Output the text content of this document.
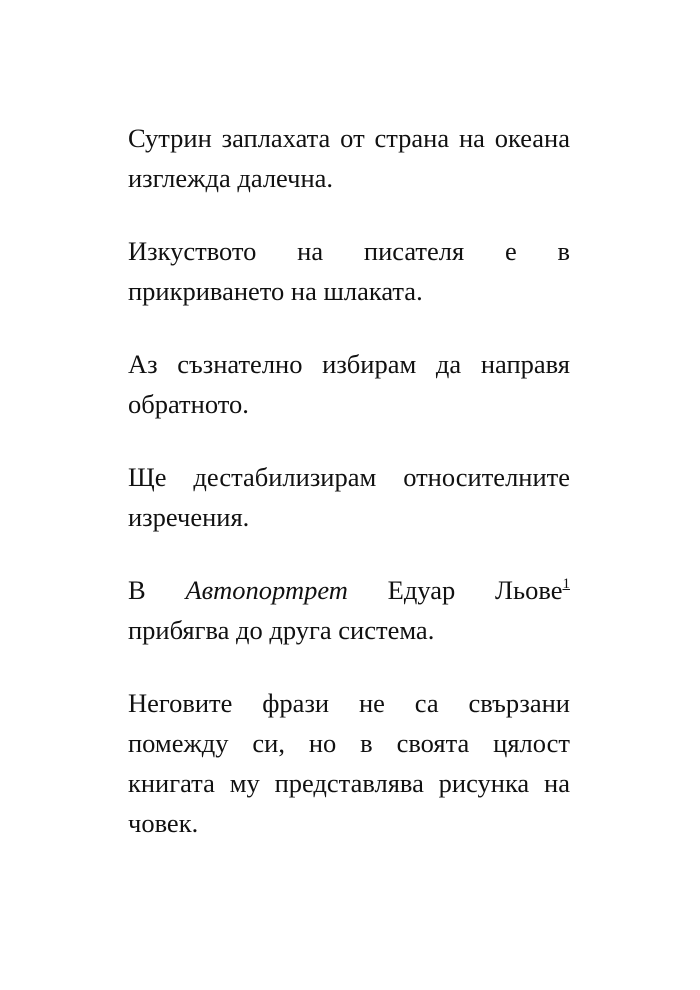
Сутрин заплахата от страна на океана изглежда далечна.

Изкуството на писателя е в прикриването на шлаката.

Аз съзнателно избирам да направя обратното.

Ще дестабилизирам относителните изречения.

В Автопортрет Едуар Льове$^1$ прибягва до друга система.

Неговите фрази не са свързани помежду си, но в своята цялост книгата му представлява рисунка на човек.
